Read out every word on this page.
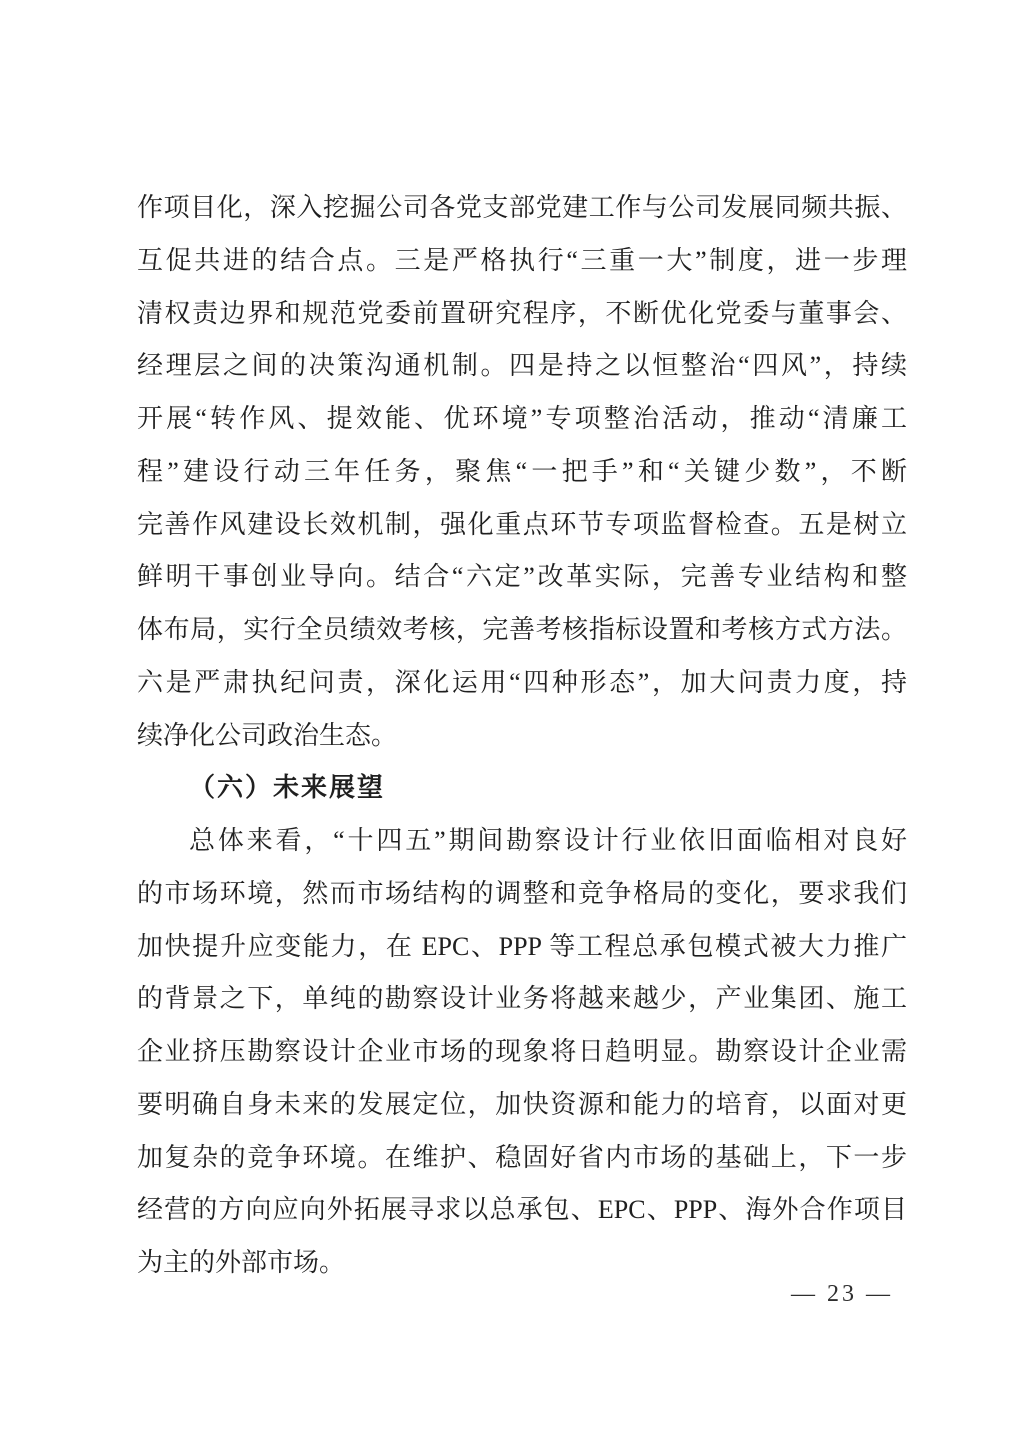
作项目化，深入挖掘公司各党支部党建工作与公司发展同频共振、
互促共进的结合点。三是严格执行“三重一大”制度，进一步理
清权责边界和规范党委前置研究程序，不断优化党委与董事会、
经理层之间的决策沟通机制。四是持之以恒整治“四风”，持续
开展“转作风、提效能、优环境”专项整治活动，推动“清廉工
程”建设行动三年任务，聚焦“一把手”和“关键少数”，不断
完善作风建设长效机制，强化重点环节专项监督检查。五是树立
鲜明干事创业导向。结合“六定”改革实际，完善专业结构和整
体布局，实行全员绩效考核，完善考核指标设置和考核方式方法。
六是严肃执纪问责，深化运用“四种形态”，加大问责力度，持
续净化公司政治生态。
（六）未来展望
总体来看，“十四五”期间勘察设计行业依旧面临相对良好
的市场环境，然而市场结构的调整和竞争格局的变化，要求我们
加快提升应变能力，在 EPC、PPP 等工程总承包模式被大力推广
的背景之下，单纯的勘察设计业务将越来越少，产业集团、施工
企业挤压勘察设计企业市场的现象将日趋明显。勘察设计企业需
要明确自身未来的发展定位，加快资源和能力的培育，以面对更
加复杂的竞争环境。在维护、稳固好省内市场的基础上，下一步
经营的方向应向外拓展寻求以总承包、EPC、PPP、海外合作项目
为主的外部市场。
— 23 —
